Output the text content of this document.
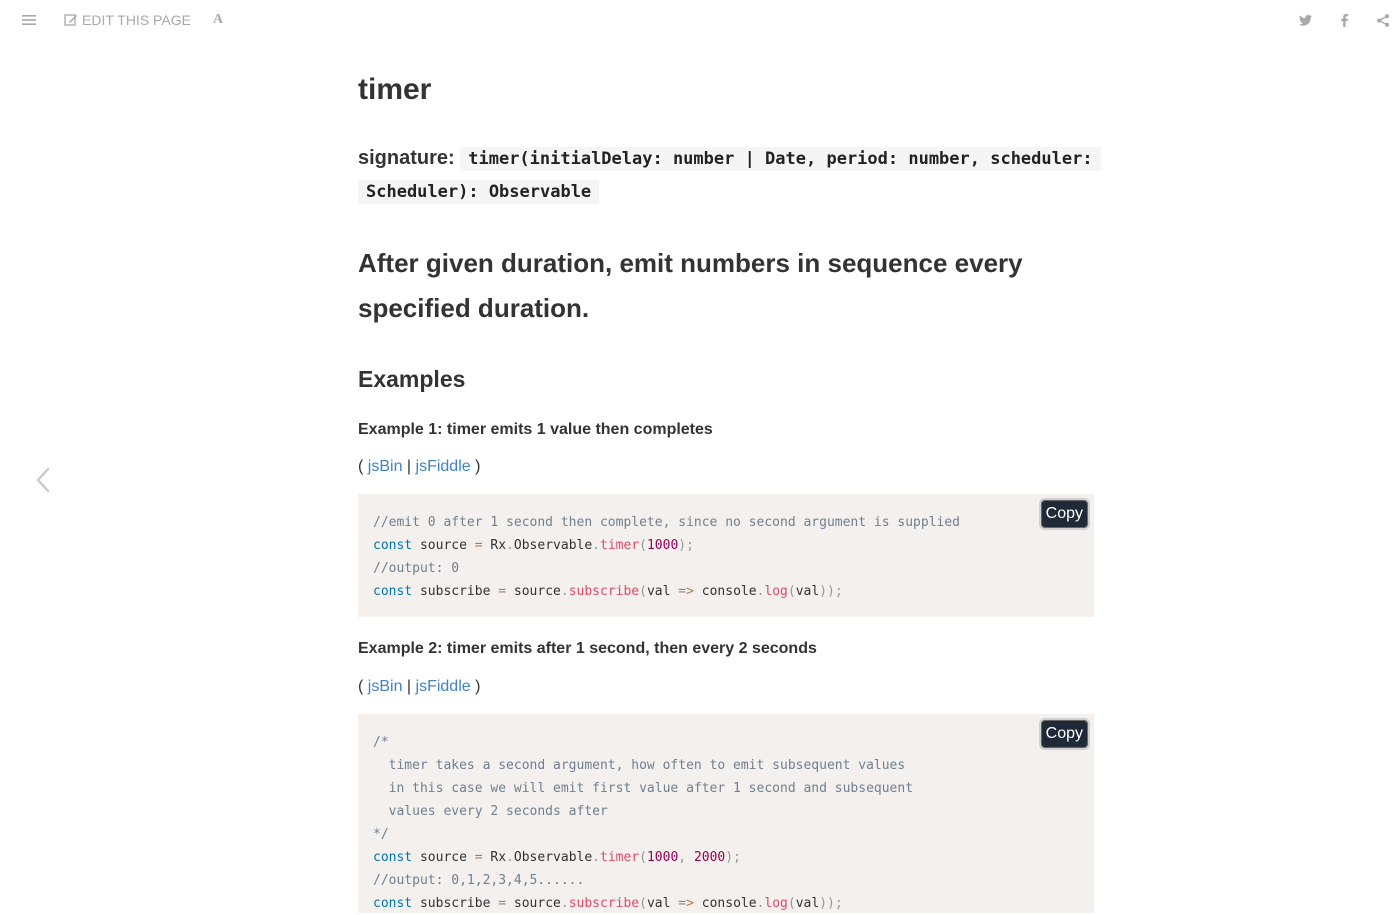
EDIT THIS PAGE A
timer

signature: timer(initialDelay: number | Date, period: number, scheduler: Scheduler): Observable

After given duration, emit numbers in sequence every specified duration.
Examples
Example 1: timer emits 1 value then completes
( jsBin | jsFiddle )
Copy
//emit 0 after 1 second then complete, since no second argument is supplied
const source = Rx.Observable.timer(1000);
//output: 0
const subscribe = source.subscribe(val => console.log(val));
Example 2: timer emits after 1 second, then every 2 seconds
( jsBin | jsFiddle )
Copy
/*
timer takes a second argument, how often to emit subsequent values
in this case we will emit first value after 1 second and subsequent
values every 2 seconds after
*/
const source = Rx.Observable.timer(1000, 2000);
//output: 0,1,2,3,4,5......
const subscribe = source.subscribe(val => console.log(val));
